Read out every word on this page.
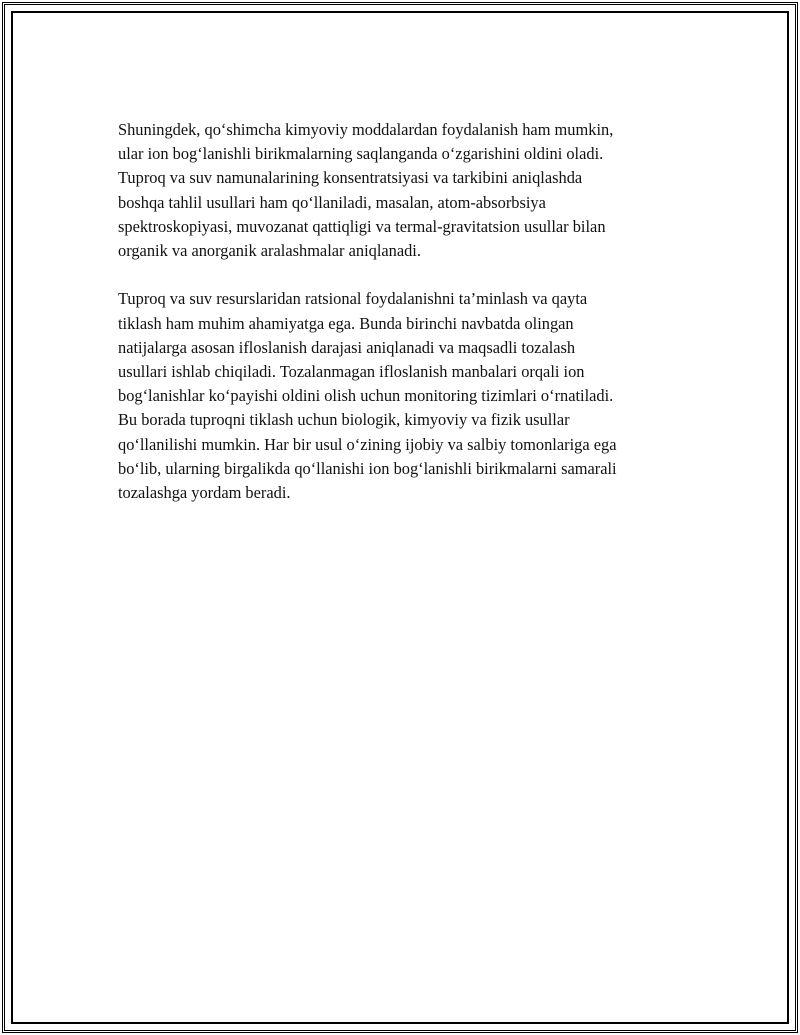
Shuningdek, qo‘shimcha kimyoviy moddalardan foydalanish ham mumkin,
ular ion bog‘lanishli birikmalarning saqlanganda o‘zgarishini oldini oladi.
Tuproq va suv namunalarining konsentratsiyasi va tarkibini aniqlashda
boshqa tahlil usullari ham qo‘llaniladi, masalan, atom-absorbsiya
spektroskopiyasi, muvozanat qattiqligi va termal-gravitatsion usullar bilan
organik va anorganik aralashmalar aniqlanadi.

Tuproq va suv resurslaridan ratsional foydalanishni ta’minlash va qayta
tiklash ham muhim ahamiyatga ega. Bunda birinchi navbatda olingan
natijalarga asosan ifloslanish darajasi aniqlanadi va maqsadli tozalash
usullari ishlab chiqiladi. Tozalanmagan ifloslanish manbalari orqali ion
bog‘lanishlar ko‘payishi oldini olish uchun monitoring tizimlari o‘rnatiladi.
Bu borada tuproqni tiklash uchun biologik, kimyoviy va fizik usullar
qo‘llanilishi mumkin. Har bir usul o‘zining ijobiy va salbiy tomonlariga ega
bo‘lib, ularning birgalikda qo‘llanishi ion bog‘lanishli birikmalarni samarali
tozalashga yordam beradi.
